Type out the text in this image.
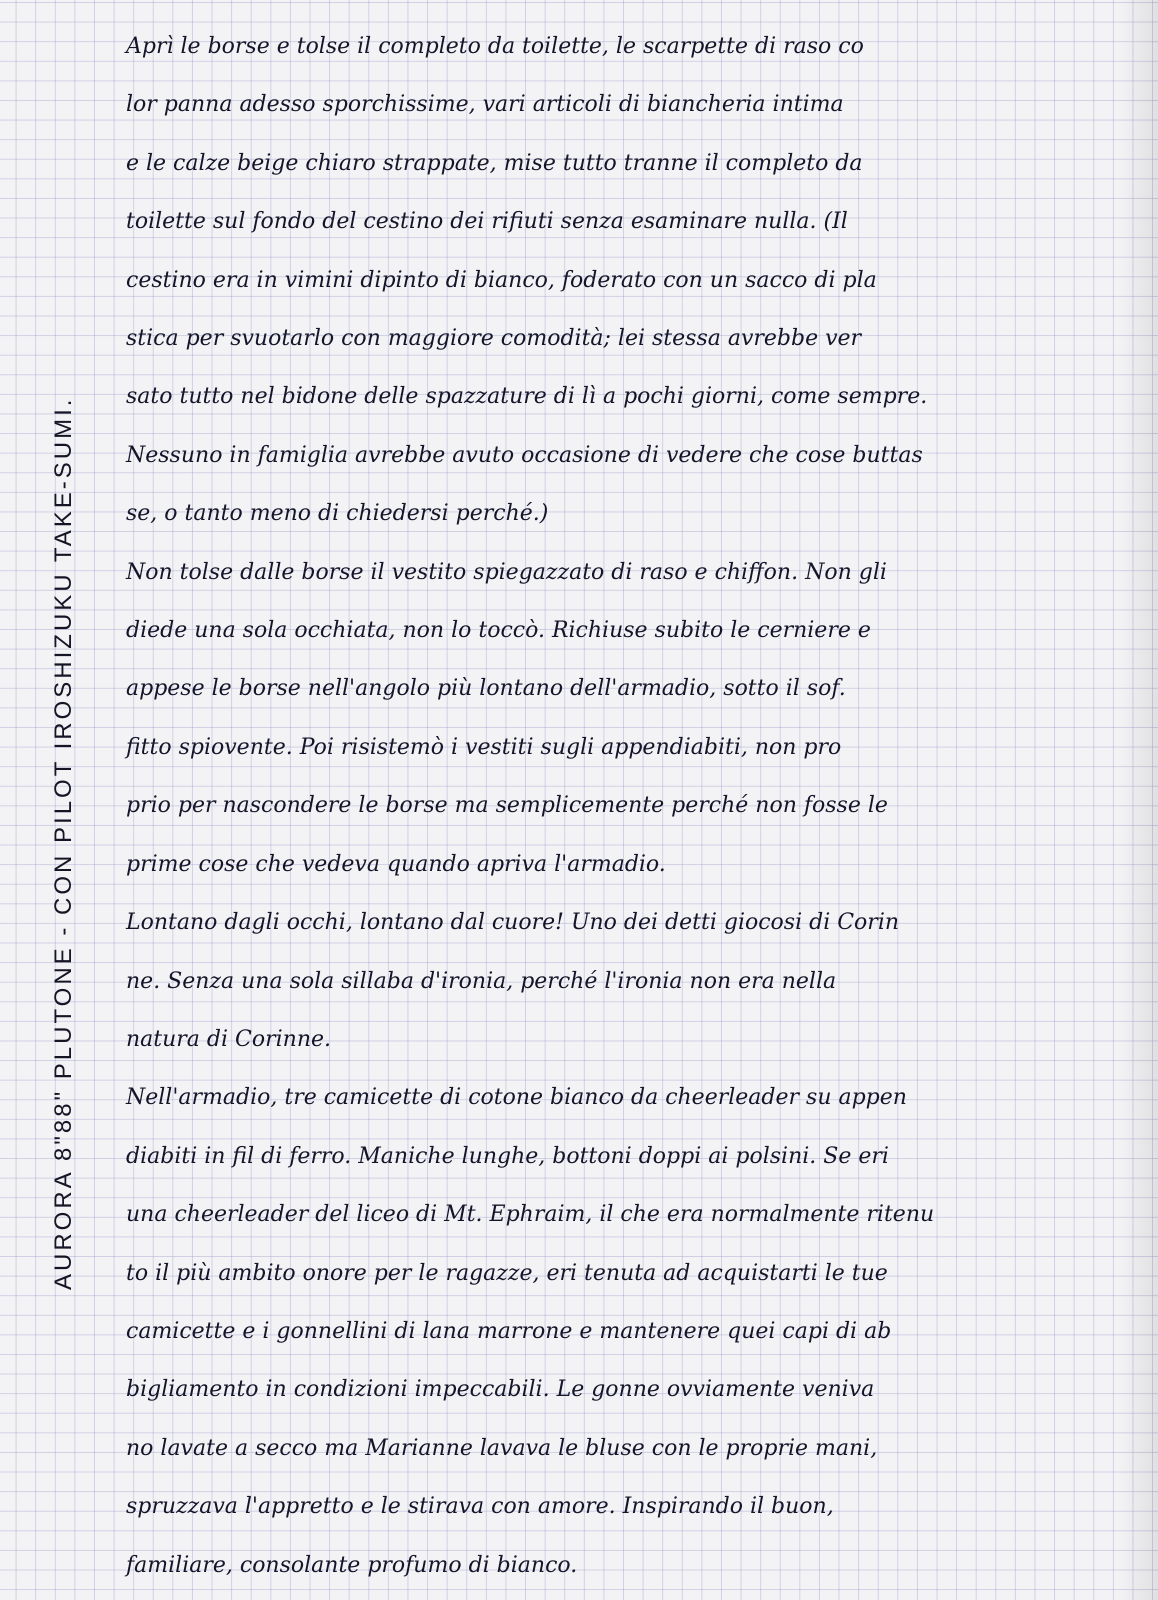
AURORA 8"88" PLUTONE - CON PILOT IROSHIZUKU TAKE-SUMI.
Aprì le borse e tolse il completo da toilette, le scarpette di raso co
lor panna adesso sporchissime, vari articoli di biancheria intima
e le calze beige chiaro strappate, mise tutto tranne il completo da
toilette sul fondo del cestino dei rifiuti senza esaminare nulla. (Il
cestino era in vimini dipinto di bianco, foderato con un sacco di pla
stica per svuotarlo con maggiore comodità; lei stessa avrebbe ver
sato tutto nel bidone delle spazzature di lì a pochi giorni, come sempre.
Nessuno in famiglia avrebbe avuto occasione di vedere che cose buttas
se, o tanto meno di chiedersi perché.)
Non tolse dalle borse il vestito spiegazzato di raso e chiffon. Non gli
diede una sola occhiata, non lo toccò. Richiuse subito le cerniere e
appese le borse nell'angolo più lontano dell'armadio, sotto il sof.
fitto spiovente. Poi risistemò i vestiti sugli appendiabiti, non pro
prio per nascondere le borse ma semplicemente perché non fosse le
prime cose che vedeva quando apriva l'armadio.
Lontano dagli occhi, lontano dal cuore! Uno dei detti giocosi di Corin
ne. Senza una sola sillaba d'ironia, perché l'ironia non era nella
natura di Corinne.
Nell'armadio, tre camicette di cotone bianco da cheerleader su appen
diabiti in fil di ferro. Maniche lunghe, bottoni doppi ai polsini. Se eri
una cheerleader del liceo di Mt. Ephraim, il che era normalmente ritenu
to il più ambito onore per le ragazze, eri tenuta ad acquistarti le tue
camicette e i gonnellini di lana marrone e mantenere quei capi di ab
bigliamento in condizioni impeccabili. Le gonne ovviamente venivа
no lavate a secco ma Marianne lavava le bluse con le proprie mani,
spruzzava l'appretto e le stirava con amore. Inspirando il buon,
familiare, consolante profumo di bianco.
